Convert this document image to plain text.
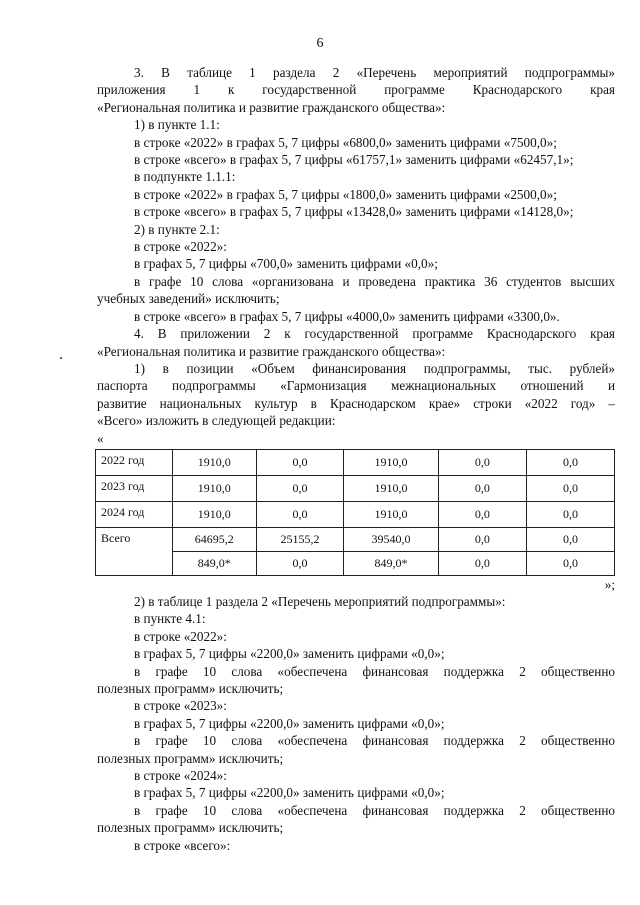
6

3. В таблице 1 раздела 2 «Перечень мероприятий подпрограммы»

приложения 1 к государственной программе Краснодарского края

«Региональная политика и развитие гражданского общества»:

1) в пункте 1.1:

в строке «2022» в графах 5, 7 цифры «6800,0» заменить цифрами «7500,0»;

в строке «всего» в графах 5, 7 цифры «61757,1» заменить цифрами «62457,1»;

в подпункте 1.1.1:

в строке «2022» в графах 5, 7 цифры «1800,0» заменить цифрами «2500,0»;

в строке «всего» в графах 5, 7 цифры «13428,0» заменить цифрами «14128,0»;

2) в пункте 2.1:

в строке «2022»:

в графах 5, 7 цифры «700,0» заменить цифрами «0,0»;

в графе 10 слова «организована и проведена практика 36 студентов высших

учебных заведений» исключить;

в строке «всего» в графах 5, 7 цифры «4000,0» заменить цифрами «3300,0».

4. В приложении 2 к государственной программе Краснодарского края

«Региональная политика и развитие гражданского общества»:

1) в позиции «Объем финансирования подпрограммы, тыс. рублей»

паспорта подпрограммы «Гармонизация межнациональных отношений и

развитие национальных культур в Краснодарском крае» строки «2022 год» –

«Всего» изложить в следующей редакции:

«

2022 год	1910,0	0,0	1910,0	0,0	0,0
2023 год	1910,0	0,0	1910,0	0,0	0,0
2024 год	1910,0	0,0	1910,0	0,0	0,0
Всего	64695,2	25155,2	39540,0	0,0	0,0
	849,0*	0,0	849,0*	0,0	0,0

»;

2) в таблице 1 раздела 2 «Перечень мероприятий подпрограммы»:

в пункте 4.1:

в строке «2022»:

в графах 5, 7 цифры «2200,0» заменить цифрами «0,0»;

в графе 10 слова «обеспечена финансовая поддержка 2 общественно

полезных программ» исключить;

в строке «2023»:

в графах 5, 7 цифры «2200,0» заменить цифрами «0,0»;

в графе 10 слова «обеспечена финансовая поддержка 2 общественно

полезных программ» исключить;

в строке «2024»:

в графах 5, 7 цифры «2200,0» заменить цифрами «0,0»;

в графе 10 слова «обеспечена финансовая поддержка 2 общественно

полезных программ» исключить;

в строке «всего»:
